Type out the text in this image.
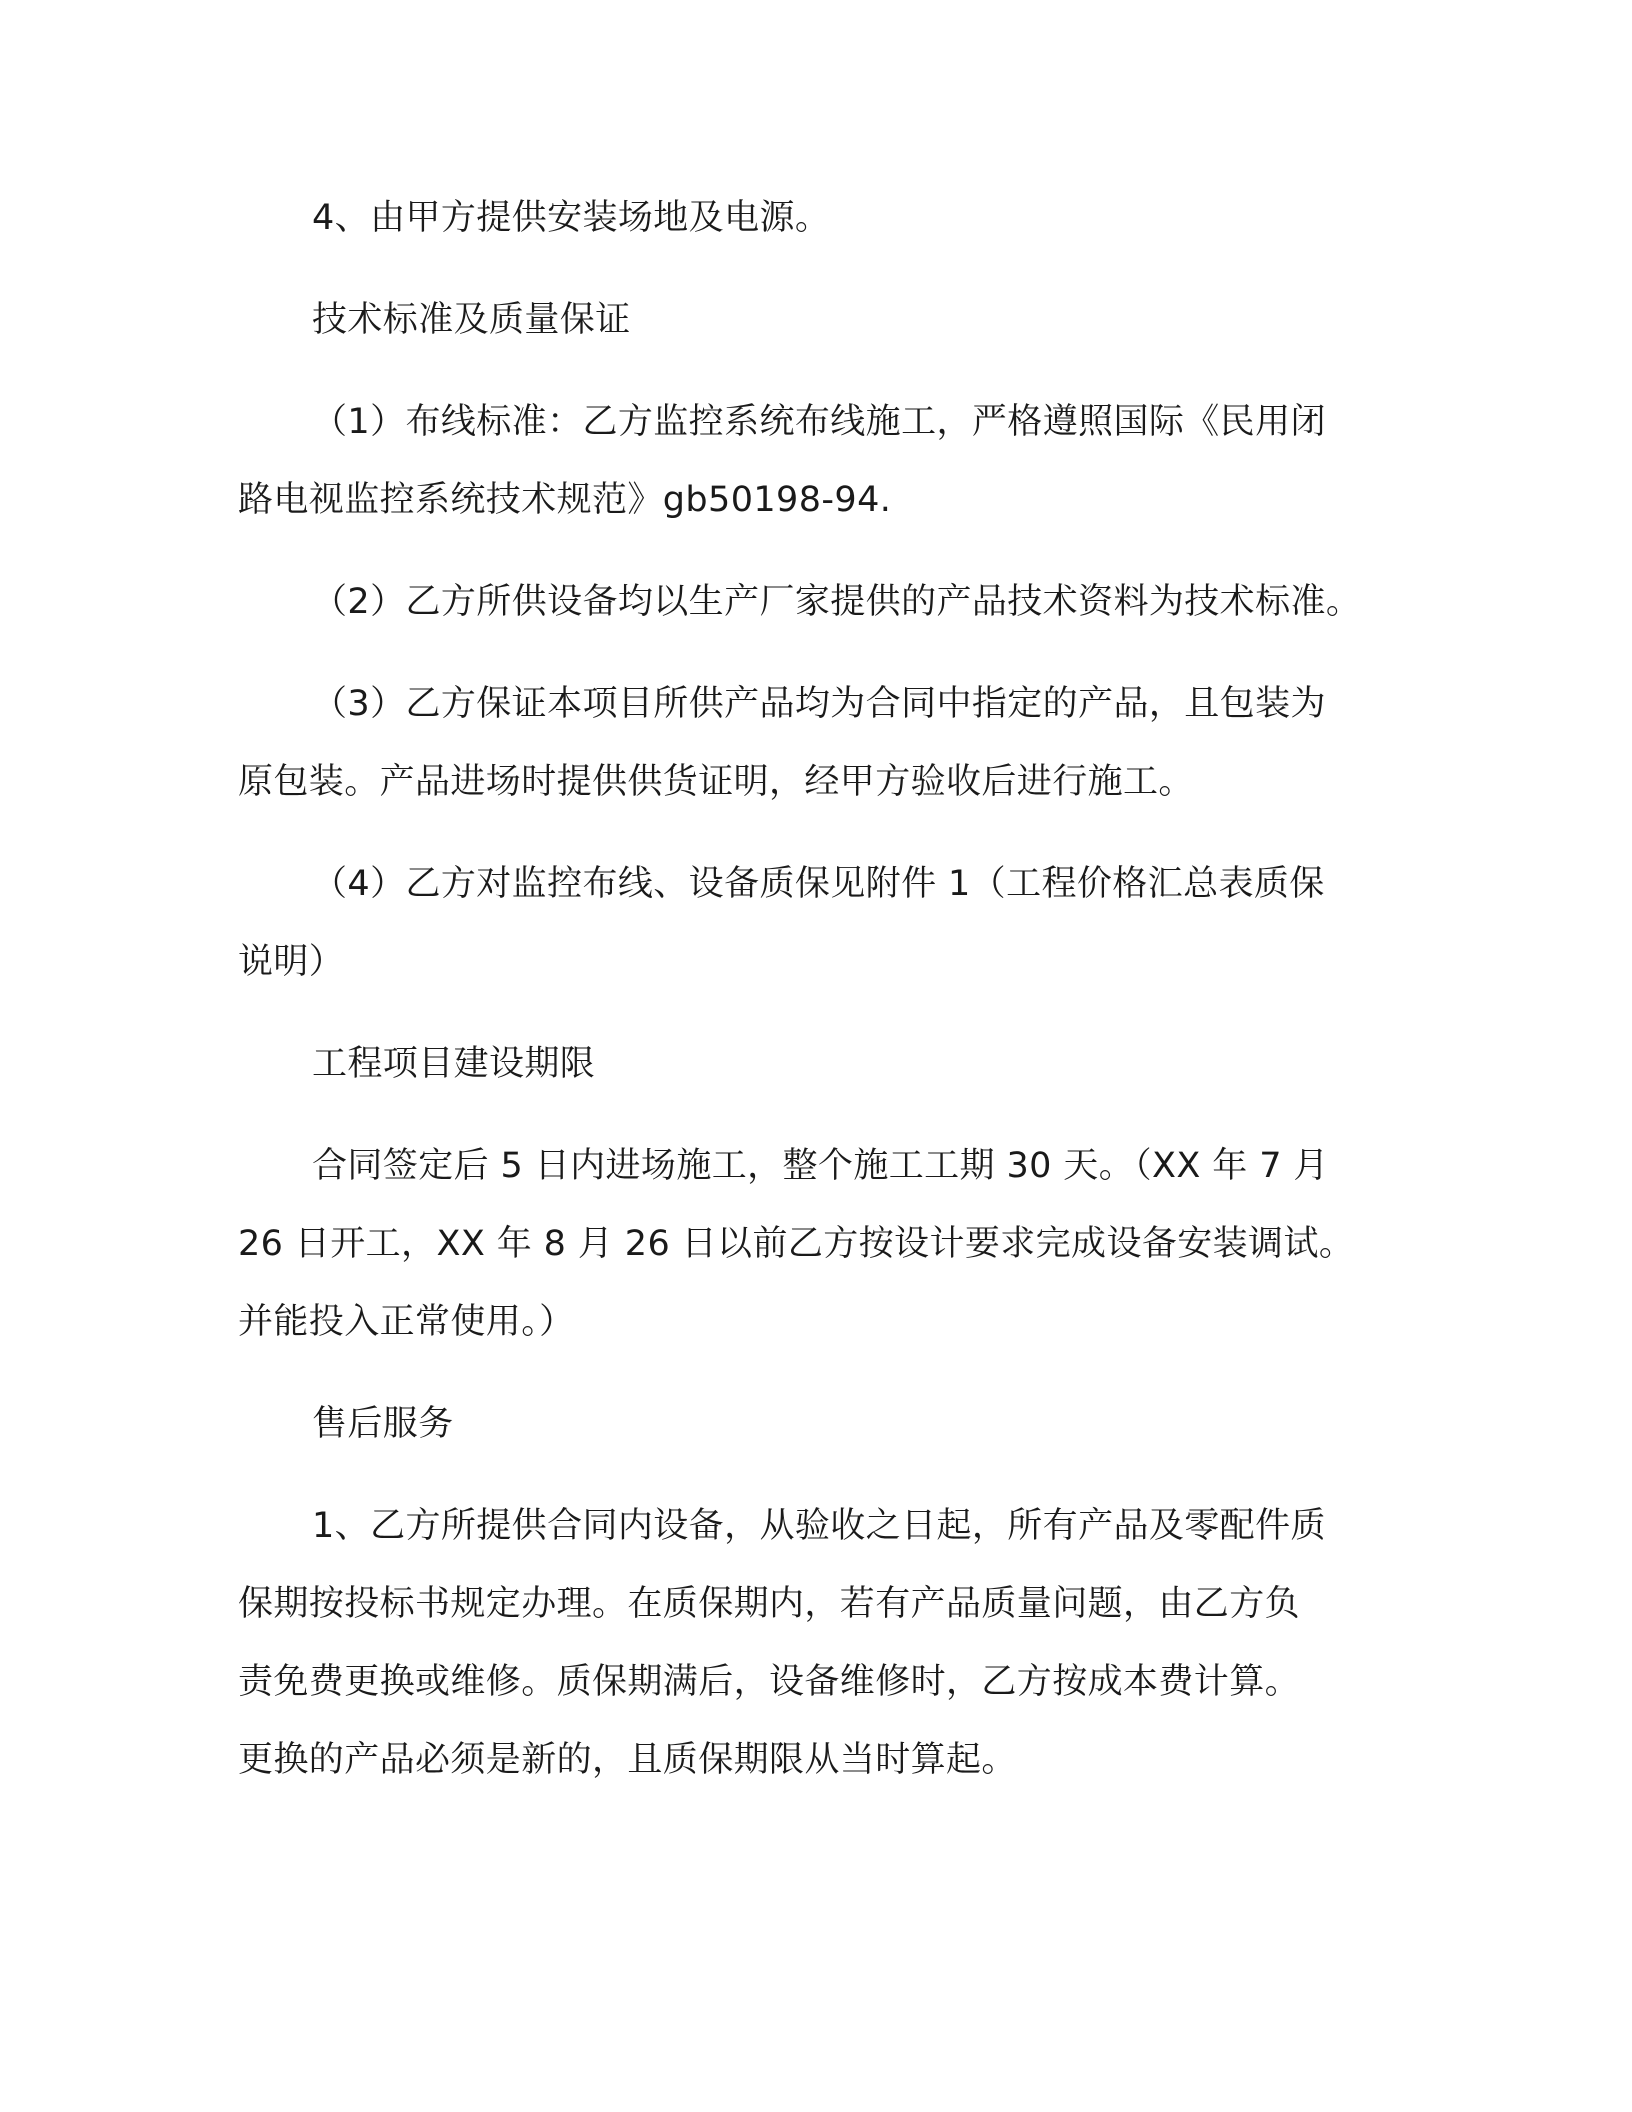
4、由甲方提供安装场地及电源。
技术标准及质量保证
（1）布线标准：乙方监控系统布线施工，严格遵照国际《民用闭
路电视监控系统技术规范》gb50198-94.
（2）乙方所供设备均以生产厂家提供的产品技术资料为技术标准。
（3）乙方保证本项目所供产品均为合同中指定的产品，且包装为
原包装。产品进场时提供供货证明，经甲方验收后进行施工。
（4）乙方对监控布线、设备质保见附件 1（工程价格汇总表质保
说明）
工程项目建设期限
合同签定后 5 日内进场施工，整个施工工期 30 天。（XX 年 7 月
26 日开工，XX 年 8 月 26 日以前乙方按设计要求完成设备安装调试。
并能投入正常使用。）
售后服务
1、乙方所提供合同内设备，从验收之日起，所有产品及零配件质
保期按投标书规定办理。在质保期内，若有产品质量问题，由乙方负
责免费更换或维修。质保期满后，设备维修时，乙方按成本费计算。
更换的产品必须是新的，且质保期限从当时算起。
